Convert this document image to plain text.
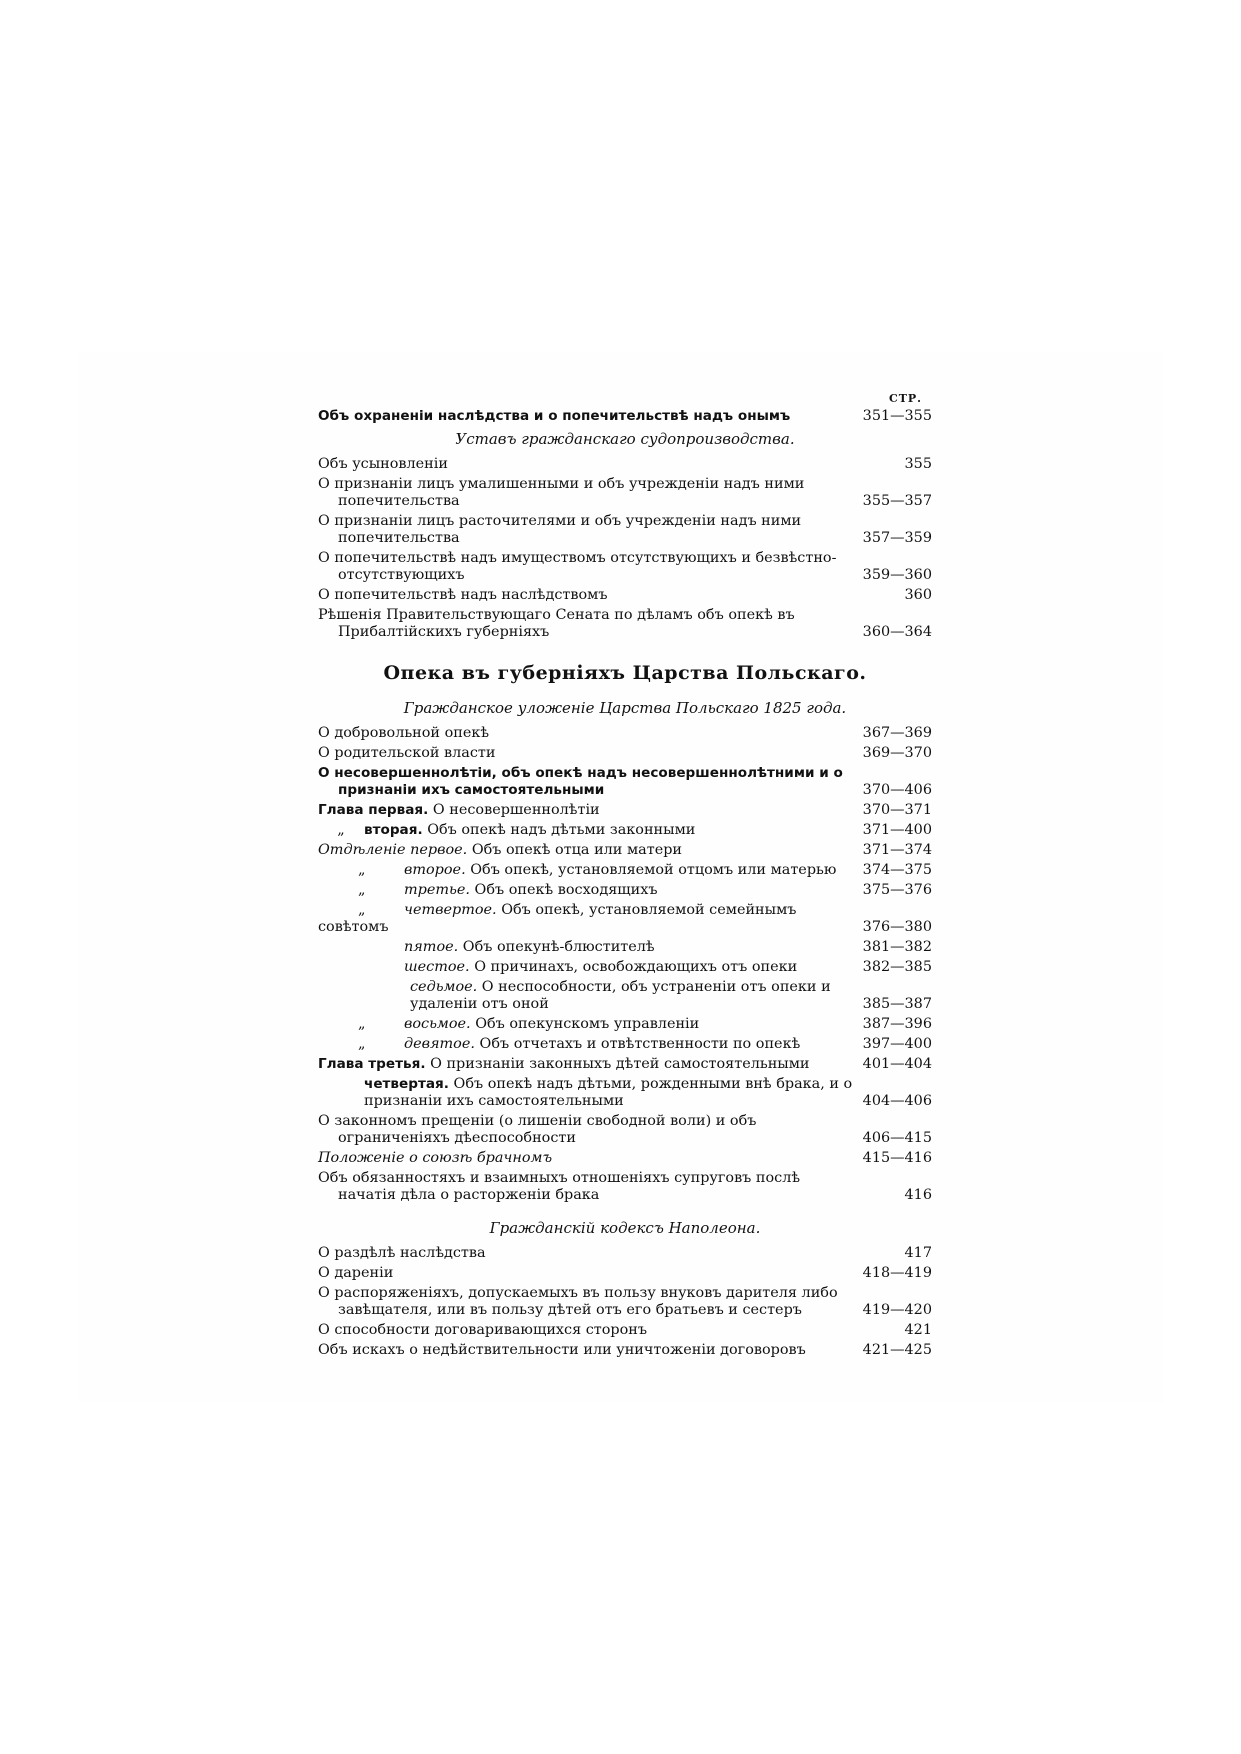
СТР.
Объ охраненіи наслѣдства и о попечительствѣ надъ онымъ	351—355
Уставъ гражданскаго судопроизводства.
Объ усыновленіи	355
О признаніи лицъ умалишенными и объ учрежденіи надъ ними попечительства	355—357
О признаніи лицъ расточителями и объ учрежденіи надъ ними попечительства	357—359
О попечительствѣ надъ имуществомъ отсутствующихъ и безвѣстно-отсутствующихъ	359—360
О попечительствѣ надъ наслѣдствомъ	360
Рѣшенія Правительствующаго Сената по дѣламъ объ опекѣ въ Прибалтійскихъ губерніяхъ	360—364
Опека въ губерніяхъ Царства Польскаго.
Гражданское уложеніе Царства Польскаго 1825 года.
О добровольной опекѣ	367—369
О родительской власти	369—370
О несовершеннолѣтіи, объ опекѣ надъ несовершеннолѣтними и о признаніи ихъ самостоятельными	370—406
Глава первая. О несовершеннолѣтіи	370—371
„ вторая. Объ опекѣ надъ дѣтьми законными	371—400
Отдѣленіе первое. Объ опекѣ отца или матери	371—374
„	второе. Объ опекѣ, установляемой отцомъ или матерью	374—375
„	третье. Объ опекѣ восходящихъ	375—376
„	четвертое. Объ опекѣ, установляемой семейнымъ совѣтомъ	376—380
пятое. Объ опекунѣ-блюстителѣ	381—382
шестое. О причинахъ, освобождающихъ отъ опеки	382—385
седьмое. О неспособности, объ устраненіи отъ опеки и удаленіи отъ оной	385—387
„	восьмое. Объ опекунскомъ управленіи	387—396
„	девятое. Объ отчетахъ и отвѣтственности по опекѣ	397—400
Глава третья. О признаніи законныхъ дѣтей самостоятельными	401—404
четвертая. Объ опекѣ надъ дѣтьми, рожденными внѣ брака, и о признаніи ихъ самостоятельными	404—406
О законномъ прещеніи (о лишеніи свободной воли) и объ ограниченіяхъ дѣеспособности	406—415
Положеніе о союзѣ брачномъ	415—416
Объ обязанностяхъ и взаимныхъ отношеніяхъ супруговъ послѣ начатія дѣла о расторженіи брака	416
Гражданскій кодексъ Наполеона.
О раздѣлѣ наслѣдства	417
О дареніи	418—419
О распоряженіяхъ, допускаемыхъ въ пользу внуковъ дарителя либо завѣщателя, или въ пользу дѣтей отъ его братьевъ и сестеръ	419—420
О способности договаривающихся сторонъ	421
Объ искахъ о недѣйствительности или уничтоженіи договоровъ	421—425
